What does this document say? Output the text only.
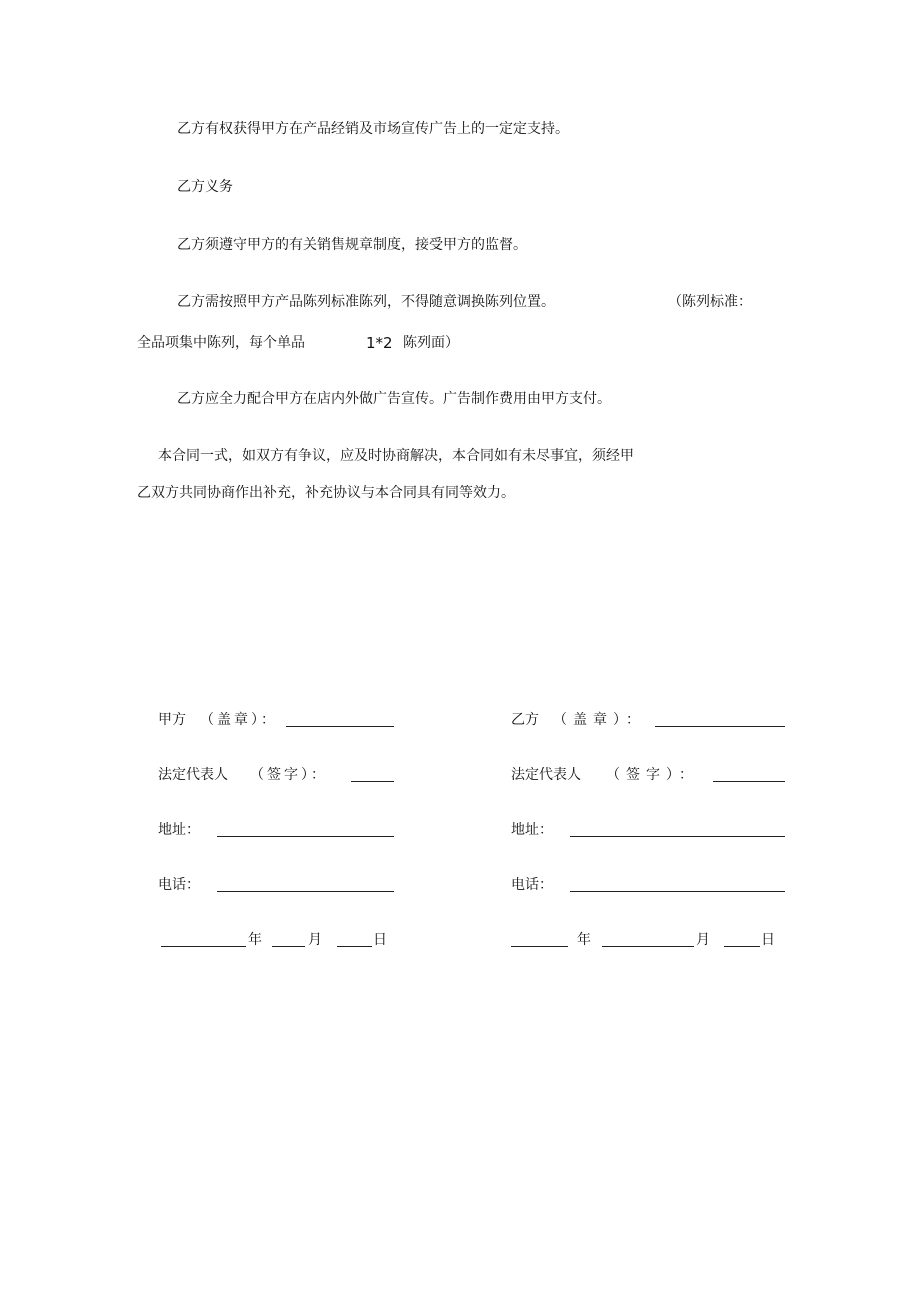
乙方有权获得甲方在产品经销及市场宣传广告上的一定定支持。
乙方义务
乙方须遵守甲方的有关销售规章制度，接受甲方的监督。
乙方需按照甲方产品陈列标准陈列，不得随意调换陈列位置。	（陈列标准：
全品项集中陈列，每个单品	1*2 陈列面）
乙方应全力配合甲方在店内外做广告宣传。广告制作费用由甲方支付。
本合同一式，如双方有争议，应及时协商解决，本合同如有未尽事宜，须经甲
乙双方共同协商作出补充，补充协议与本合同具有同等效力。
甲方 （盖章）：
法定代表人 （签字）：
地址：
电话：
年	月	日
乙方 （盖章）：
法定代表人 （签字）：
地址：
电话：
年	月	日
